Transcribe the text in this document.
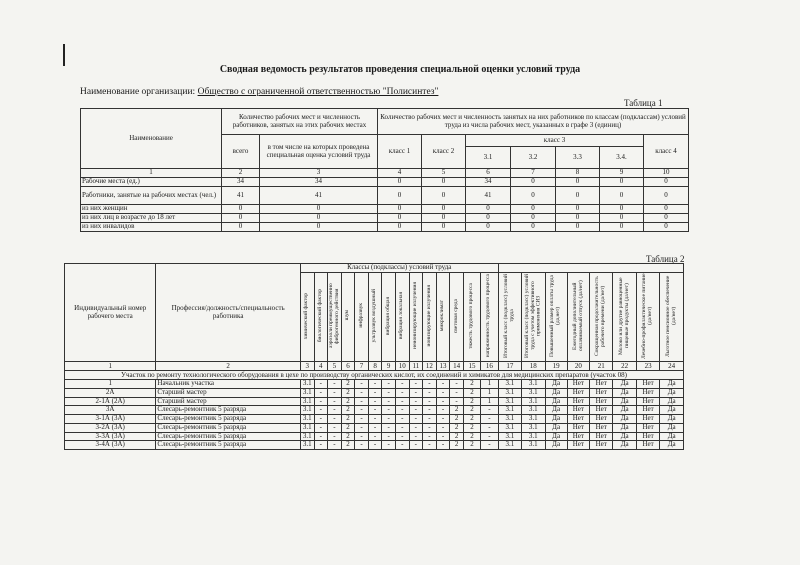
Сводная ведомость результатов проведения специальной оценки условий труда
Наименование организации: Общество с ограниченной ответственностью "Полисинтез"
Таблица 1
Наименование	Количество рабочих мест и численность работников, занятых на этих рабочих местах		Количество рабочих мест и численность занятых на них работников по классам (подклассам) условий труда из числа рабочих мест, указанных в графе 3 (единиц)						
	всего	в том числе на которых проведена специальная оценка условий труда	класс 1	класс 2	класс 3				класс 4
					3.1	3.2	3.3	3.4.	
1	2	3	4	5	6	7	8	9	10
Рабочие места (ед.)	34	34	0	0	34	0	0	0	0
Работники, занятые на рабочих местах (чел.)	41	41	0	0	41	0	0	0	0
из них женщин	0	0	0	0	0	0	0	0	0
из них лиц в возрасте до 18 лет	0	0	0	0	0	0	0	0	0
из них инвалидов	0	0	0	0	0	0	0	0	0
Таблица 2
Индивидуальный номер рабочего места	Профессия/должность/специальность работника	Классы (подклассы) условий труда																					
		химический фактор	биологический фактор	аэрозоли преимущественно фиброгенного действия	шум	инфразвук	ультразвук воздушный	вибрация общая	вибрация локальная	неионизирующие излучения	ионизирующие излучения	микроклимат	световая среда	тяжесть трудового процесса	напряженность трудового процесса	Итоговый класс (подкласс) условий труда	Итоговый класс (подкласс) условий труда с учетом эффективного применения СИЗ	Повышенный размер оплаты труда (да,нет)	Ежегодный дополнительный оплачиваемый отпуск (да/нет)	Сокращенная продолжительность рабочего времени (да/нет)	Молоко или другие равноценные пищевые продукты (да/нет)	Лечебно-профилактическое питание (да/нет)	Льготное пенсионное обеспечение (да/нет)
1	2	3	4	5	6	7	8	9	10	11	12	13	14	15	16	17	18	19	20	21	22	23	24
Участок по ремонту технологического оборудования в цехе по производству органических кислот, их соединений и химикатов для медицинских препаратов (участок 08)																							
1	Начальник участка	3.1	-	-	2	-	-	-	-	-	-	-	-	2	1	3.1	3.1	Да	Нет	Нет	Да	Нет	Да
2А	Старший мастер	3.1	-	-	2	-	-	-	-	-	-	-	-	2	1	3.1	3.1	Да	Нет	Нет	Да	Нет	Да
2-1А (2А)	Старший мастер	3.1	-	-	2	-	-	-	-	-	-	-	-	2	1	3.1	3.1	Да	Нет	Нет	Да	Нет	Да
3А	Слесарь-ремонтник 5 разряда	3.1	-	-	2	-	-	-	-	-	-	-	2	2	-	3.1	3.1	Да	Нет	Нет	Да	Нет	Да
3-1А (3А)	Слесарь-ремонтник 5 разряда	3.1	-	-	2	-	-	-	-	-	-	-	2	2	-	3.1	3.1	Да	Нет	Нет	Да	Нет	Да
3-2А (3А)	Слесарь-ремонтник 5 разряда	3.1	-	-	2	-	-	-	-	-	-	-	2	2	-	3.1	3.1	Да	Нет	Нет	Да	Нет	Да
3-3А (3А)	Слесарь-ремонтник 5 разряда	3.1	-	-	2	-	-	-	-	-	-	-	2	2	-	3.1	3.1	Да	Нет	Нет	Да	Нет	Да
3-4А (3А)	Слесарь-ремонтник 5 разряда	3.1	-	-	2	-	-	-	-	-	-	-	2	2	-	3.1	3.1	Да	Нет	Нет	Да	Нет	Да
